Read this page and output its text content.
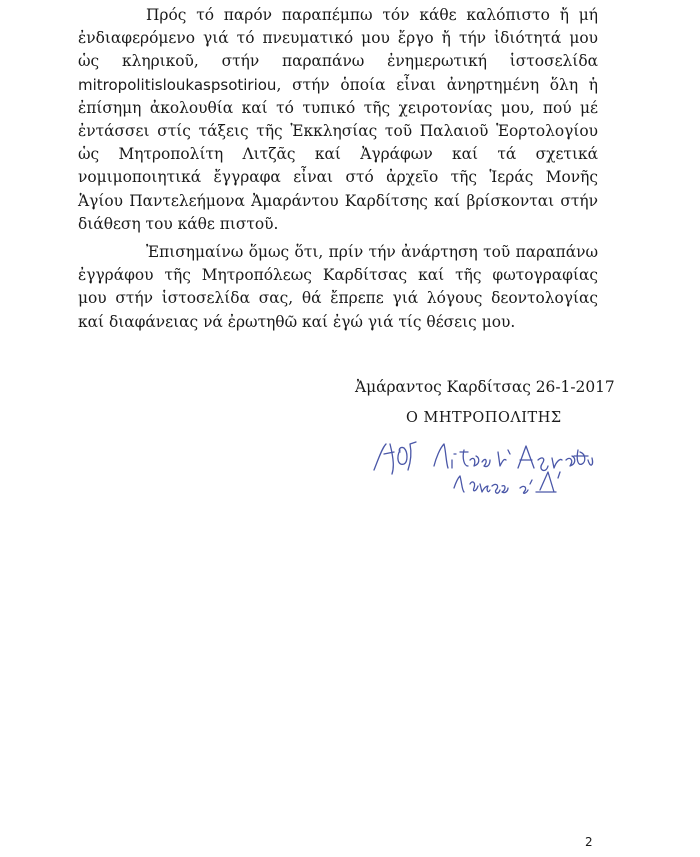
Πρός τό παρόν παραπέμπω τόν κάθε καλόπιστο ἤ μή
ἐνδιαφερόμενο γιά τό πνευματικό μου ἔργο ἤ τήν ἰδιότητά μου
ὡς κληρικοῦ, στήν παραπάνω ἐνημερωτική ἱστοσελίδα
mitropolitisloukaspsotiriou, στήν ὁποία εἶναι ἀνηρτημένη ὅλη ἡ
ἐπίσημη ἀκολουθία καί τό τυπικό τῆς χειροτονίας μου, πού μέ
ἐντάσσει στίς τάξεις τῆς Ἐκκλησίας τοῦ Παλαιοῦ Ἑορτολογίου
ὡς Μητροπολίτη Λιτζᾶς καί Ἀγράφων καί τά σχετικά
νομιμοποιητικά ἔγγραφα εἶναι στό ἀρχεῖο τῆς Ἱεράς Μονῆς
Ἁγίου Παντελεήμονα Ἀμαράντου Καρδίτσης καί βρίσκονται στήν
διάθεση του κάθε πιστοῦ.
Ἐπισημαίνω ὅμως ὅτι, πρίν τήν ἀνάρτηση τοῦ παραπάνω
ἐγγράφου τῆς Μητροπόλεως Καρδίτσας καί τῆς φωτογραφίας
μου στήν ἱστοσελίδα σας, θά ἔπρεπε γιά λόγους δεοντολογίας
καί διαφάνειας νά ἐρωτηθῶ καί ἐγώ γιά τίς θέσεις μου.
Ἀμάραντος Καρδίτσας 26-1-2017
Ο ΜΗΤΡΟΠΟΛΙΤΗΣ
2
